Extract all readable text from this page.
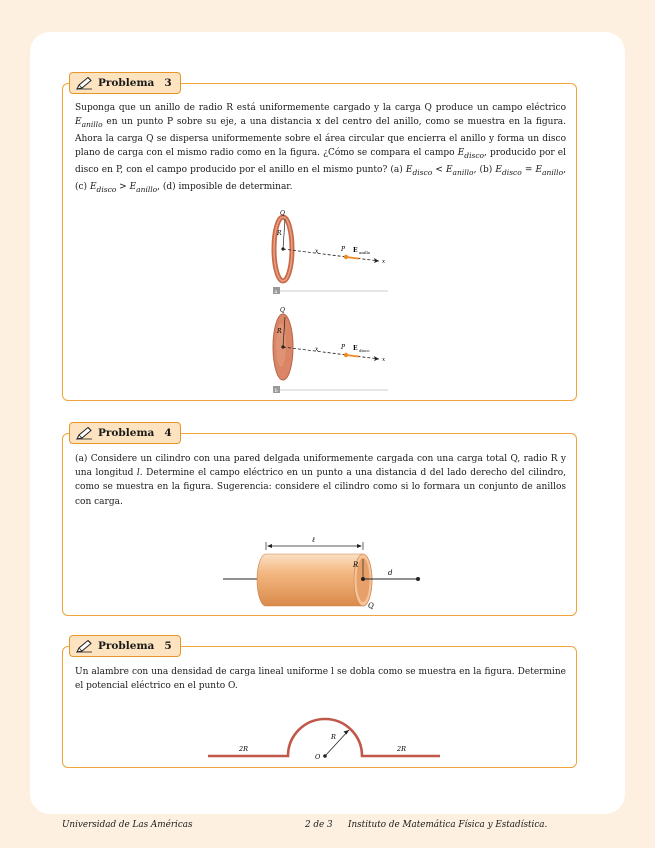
Problema 3
Suponga que un anillo de radio R está uniformemente cargado y la carga Q produce un campo eléctrico $E_{anillo}$ en un punto P sobre su eje, a una distancia x del centro del anillo, como se muestra en la figura. Ahora la carga Q se dispersa uniformemente sobre el área circular que encierra el anillo y forma un disco plano de carga con el mismo radio como en la figura. ¿Cómo se compara el campo $E_{disco}$, producido por el disco en P, con el campo producido por el anillo en el mismo punto? (a) $E_{disco} < E_{anillo}$, (b) $E_{disco} = E_{anillo}$, (c) $E_{disco} > E_{anillo}$, (d) imposible de determinar.
Q
R
x	P E anillo
x
a
Q
R
x	P E disco
x
b
Problema 4
(a) Considere un cilindro con una pared delgada uniformemente cargada con una carga total Q, radio R y una longitud l. Determine el campo eléctrico en un punto a una distancia d del lado derecho del cilindro, como se muestra en la figura. Sugerencia: considere el cilindro como si lo formara un conjunto de anillos con carga.
ℓ
R
d
Q
Problema 5
Un alambre con una densidad de carga lineal uniforme l se dobla como se muestra en la figura. Determine el potencial eléctrico en el punto O.
2R	2R
R
O
Universidad de Las Américas	2 de 3 Instituto de Matemática Física y Estadística.
